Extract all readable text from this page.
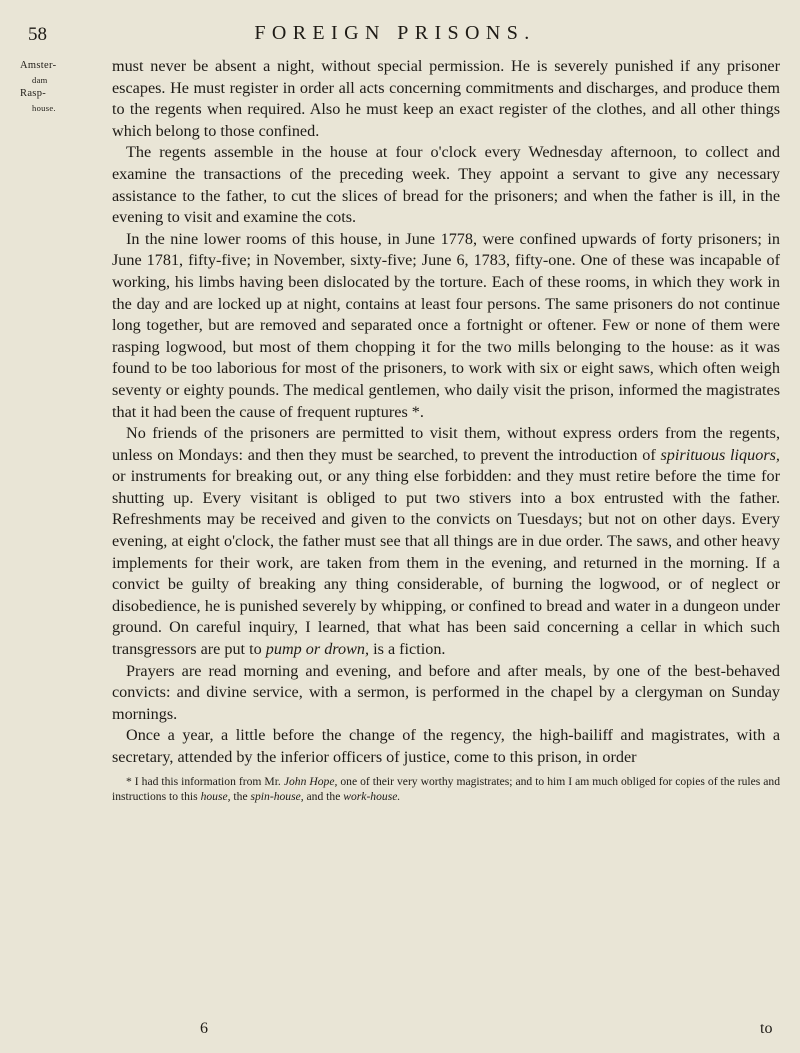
58	FOREIGN PRISONS.
Amster-
dam
Rasp-
house.

must never be absent a night, without special permission. He is severely punished if any prisoner escapes. He must register in order all acts concerning commitments and discharges, and produce them to the regents when required. Also he must keep an exact register of the clothes, and all other things which belong to those confined.

The regents assemble in the house at four o'clock every Wednesday afternoon, to collect and examine the transactions of the preceding week. They appoint a servant to give any necessary assistance to the father, to cut the slices of bread for the prisoners; and when the father is ill, in the evening to visit and examine the cots.

In the nine lower rooms of this house, in June 1778, were confined upwards of forty prisoners; in June 1781, fifty-five; in November, sixty-five; June 6, 1783, fifty-one. One of these was incapable of working, his limbs having been dislocated by the torture. Each of these rooms, in which they work in the day and are locked up at night, contains at least four persons. The same prisoners do not continue long together, but are removed and separated once a fortnight or oftener. Few or none of them were rasping logwood, but most of them chopping it for the two mills belonging to the house: as it was found to be too laborious for most of the prisoners, to work with six or eight saws, which often weigh seventy or eighty pounds. The medical gentlemen, who daily visit the prison, informed the magistrates that it had been the cause of frequent ruptures *.

No friends of the prisoners are permitted to visit them, without express orders from the regents, unless on Mondays: and then they must be searched, to prevent the introduction of spirituous liquors, or instruments for breaking out, or any thing else forbidden: and they must retire before the time for shutting up. Every visitant is obliged to put two stivers into a box entrusted with the father. Refreshments may be received and given to the convicts on Tuesdays; but not on other days. Every evening, at eight o'clock, the father must see that all things are in due order. The saws, and other heavy implements for their work, are taken from them in the evening, and returned in the morning. If a convict be guilty of breaking any thing considerable, of burning the logwood, or of neglect or disobedience, he is punished severely by whipping, or confined to bread and water in a dungeon under ground. On careful inquiry, I learned, that what has been said concerning a cellar in which such transgressors are put to pump or drown, is a fiction.

Prayers are read morning and evening, and before and after meals, by one of the best-behaved convicts: and divine service, with a sermon, is performed in the chapel by a clergyman on Sunday mornings.

Once a year, a little before the change of the regency, the high-bailiff and magistrates, with a secretary, attended by the inferior officers of justice, come to this prison, in order

* I had this information from Mr. John Hope, one of their very worthy magistrates; and to him I am much obliged for copies of the rules and instructions to this house, the spin-house, and the work-house.

6	to
